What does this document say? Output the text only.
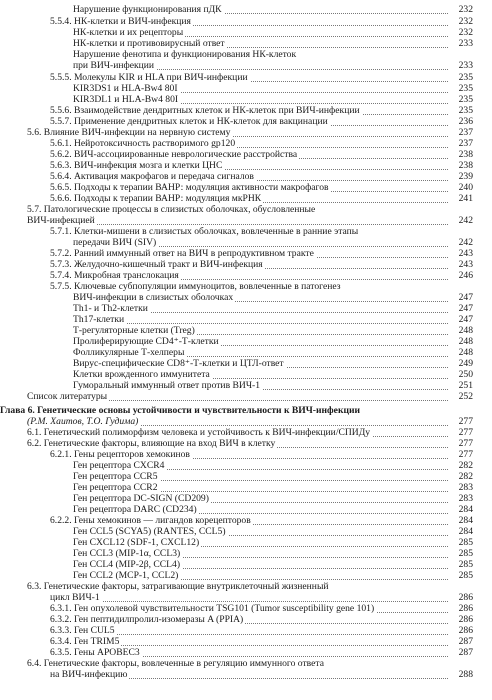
Нарушение функционирования пДК	232
5.5.4. НК-клетки и ВИЧ-инфекция	232
НК-клетки и их рецепторы	232
НК-клетки и противовирусный ответ	233
Нарушение фенотипа и функционирования НК-клеток
при ВИЧ-инфекции	233
5.5.5. Молекулы KIR и HLA при ВИЧ-инфекции	235
KIR3DS1 и HLA-Bw4 80I	235
KIR3DL1 и HLA-Bw4 80I	235
5.5.6. Взаимодействие дендритных клеток и НК-клеток при ВИЧ-инфекции	235
5.5.7. Применение дендритных клеток и НК-клеток для вакцинации	236
5.6. Влияние ВИЧ-инфекции на нервную систему	237
5.6.1. Нейротоксичность растворимого gp120	237
5.6.2. ВИЧ-ассоциированные неврологические расстройства	238
5.6.3. ВИЧ-инфекция мозга и клетки ЦНС	238
5.6.4. Активация макрофагов и передача сигналов	239
5.6.5. Подходы к терапии ВАНР: модуляция активности макрофагов	240
5.6.6. Подходы к терапии ВАНР: модуляция мкРНК	241
5.7. Патологические процессы в слизистых оболочках, обусловленные
ВИЧ-инфекцией	242
5.7.1. Клетки-мишени в слизистых оболочках, вовлеченные в ранние этапы
передачи ВИЧ (SIV)	242
5.7.2. Ранний иммунный ответ на ВИЧ в репродуктивном тракте	243
5.7.3. Желудочно-кишечный тракт и ВИЧ-инфекция	243
5.7.4. Микробная транслокация	246
5.7.5. Ключевые субпопуляции иммуноцитов, вовлеченные в патогенез
ВИЧ-инфекции в слизистых оболочках	247
Th1- и Th2-клетки	247
Th17-клетки	247
Т-регуляторные клетки (Treg)	248
Пролиферирующие CD4⁺-Т-клетки	248
Фолликулярные Т-хелперы	248
Вирус-специфические CD8⁺-Т-клетки и ЦТЛ-ответ	249
Клетки врожденного иммунитета	250
Гуморальный иммунный ответ против ВИЧ-1	251
Список литературы	252
Глава 6. Генетические основы устойчивости и чувствительности к ВИЧ-инфекции
(Р.М. Хаитов, Т.О. Гудима)	277
6.1. Генетический полиморфизм человека и устойчивость к ВИЧ-инфекции/СПИДу	277
6.2. Генетические факторы, влияющие на вход ВИЧ в клетку	277
6.2.1. Гены рецепторов хемокинов	277
Ген рецептора CXCR4	282
Ген рецептора CCR5	282
Ген рецептора CCR2	283
Ген рецептора DC-SIGN (CD209)	283
Ген рецептора DARC (CD234)	284
6.2.2. Гены хемокинов — лигандов корецепторов	284
Ген CCL5 (SCYA5) (RANTES, CCL5)	284
Ген CXCL12 (SDF-1, CXCL12)	285
Ген CCL3 (MIP-1α, CCL3)	285
Ген CCL4 (MIP-2β, CCL4)	285
Ген CCL2 (MCP-1, CCL2)	285
6.3. Генетические факторы, затрагивающие внутриклеточный жизненный
цикл ВИЧ-1	286
6.3.1. Ген опухолевой чувствительности TSG101 (Tumor susceptibility gene 101)	286
6.3.2. Ген пептидилпролил-изомеразы A (PPIA)	286
6.3.3. Ген CUL5	286
6.3.4. Ген TRIM5	287
6.3.5. Гены APOBEC3	287
6.4. Генетические факторы, вовлеченные в регуляцию иммунного ответа
на ВИЧ-инфекцию	288
